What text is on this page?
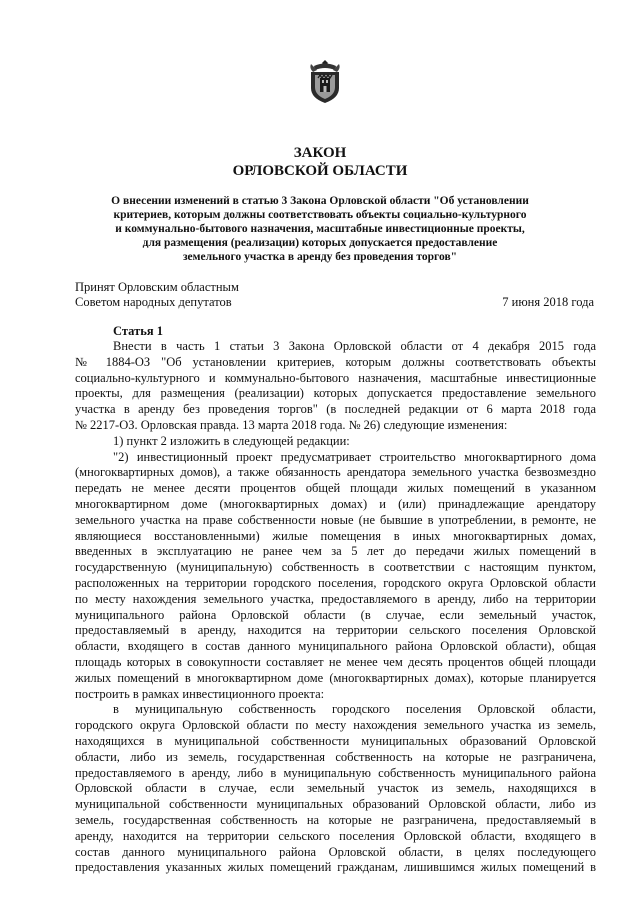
ЗАКОН
ОРЛОВСКОЙ ОБЛАСТИ
О внесении изменений в статью 3 Закона Орловской области "Об установлении
критериев, которым должны соответствовать объекты социально-культурного
и коммунально-бытового назначения, масштабные инвестиционные проекты,
для размещения (реализации) которых допускается предоставление
земельного участка в аренду без проведения торгов"
Принят Орловским областным
Советом народных депутатов	7 июня 2018 года
Статья 1
Внести в часть 1 статьи 3 Закона Орловской области от 4 декабря 2015 года
№ 1884-ОЗ "Об установлении критериев, которым должны соответствовать объекты
социально-культурного и коммунально-бытового назначения, масштабные инвестиционные
проекты, для размещения (реализации) которых допускается предоставление земельного
участка в аренду без проведения торгов" (в последней редакции от 6 марта 2018 года
№ 2217-ОЗ. Орловская правда. 13 марта 2018 года. № 26) следующие изменения:
1) пункт 2 изложить в следующей редакции:
"2) инвестиционный проект предусматривает строительство многоквартирного дома
(многоквартирных домов), а также обязанность арендатора земельного участка безвозмездно
передать не менее десяти процентов общей площади жилых помещений в указанном
многоквартирном доме (многоквартирных домах) и (или) принадлежащие арендатору
земельного участка на праве собственности новые (не бывшие в употреблении, в ремонте, не
являющиеся восстановленными) жилые помещения в иных многоквартирных домах,
введенных в эксплуатацию не ранее чем за 5 лет до передачи жилых помещений в
государственную (муниципальную) собственность в соответствии с настоящим пунктом,
расположенных на территории городского поселения, городского округа Орловской области
по месту нахождения земельного участка, предоставляемого в аренду, либо на территории
муниципального района Орловской области (в случае, если земельный участок,
предоставляемый в аренду, находится на территории сельского поселения Орловской
области, входящего в состав данного муниципального района Орловской области), общая
площадь которых в совокупности составляет не менее чем десять процентов общей площади
жилых помещений в многоквартирном доме (многоквартирных домах), которые планируется
построить в рамках инвестиционного проекта:
в муниципальную собственность городского поселения Орловской области,
городского округа Орловской области по месту нахождения земельного участка из земель,
находящихся в муниципальной собственности муниципальных образований Орловской
области, либо из земель, государственная собственность на которые не разграничена,
предоставляемого в аренду, либо в муниципальную собственность муниципального района
Орловской области в случае, если земельный участок из земель, находящихся в
муниципальной собственности муниципальных образований Орловской области, либо из
земель, государственная собственность на которые не разграничена, предоставляемый в
аренду, находится на территории сельского поселения Орловской области, входящего в
состав данного муниципального района Орловской области, в целях последующего
предоставления указанных жилых помещений гражданам, лишившимся жилых помещений в
